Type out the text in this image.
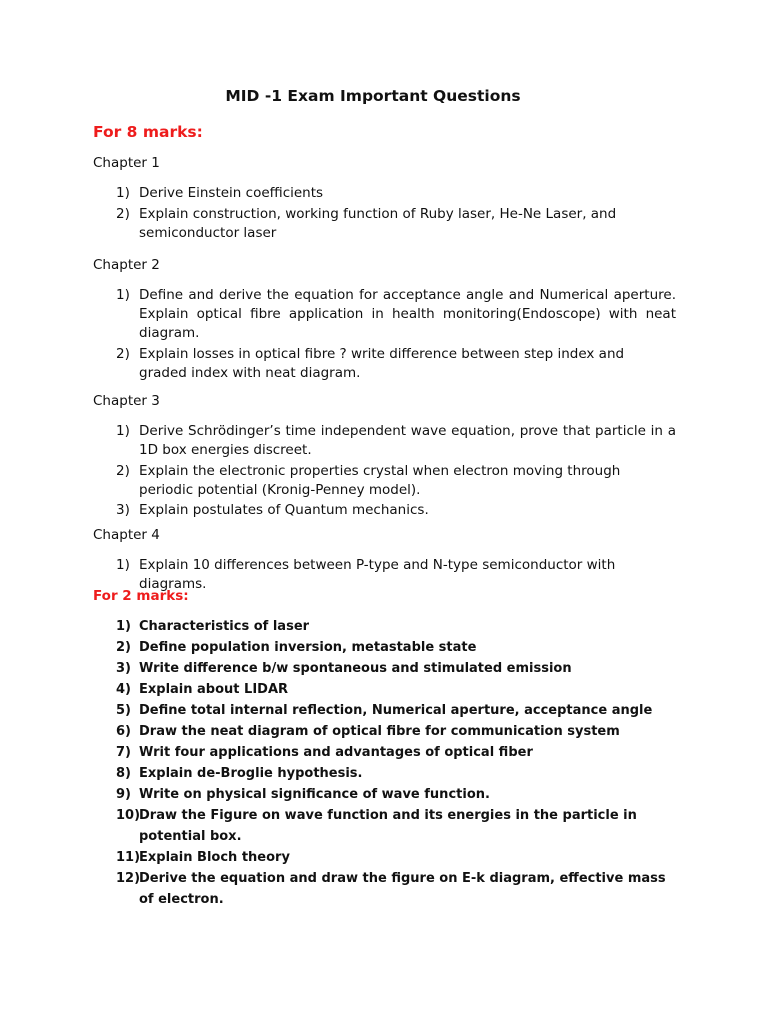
MID -1 Exam Important Questions
For 8 marks:
Chapter 1
1) Derive Einstein coefficients
2) Explain construction, working function of Ruby laser, He-Ne Laser, and semiconductor laser
Chapter 2
1) Define and derive the equation for acceptance angle and Numerical aperture. Explain optical fibre application in health monitoring(Endoscope) with neat diagram.
2) Explain losses in optical fibre ? write difference between step index and graded index with neat diagram.
Chapter 3
1) Derive Schrödinger’s time independent wave equation, prove that particle in a 1D box energies discreet.
2) Explain the electronic properties crystal when electron moving through periodic potential (Kronig-Penney model).
3) Explain postulates of Quantum mechanics.
Chapter 4
1) Explain 10 differences between P-type and N-type semiconductor with diagrams.
For 2 marks:
1) Characteristics of laser
2) Define population inversion, metastable state
3) Write difference b/w spontaneous and stimulated emission
4) Explain about LIDAR
5) Define total internal reflection, Numerical aperture, acceptance angle
6) Draw the neat diagram of optical fibre for communication system
7) Writ four applications and advantages of optical fiber
8) Explain de-Broglie hypothesis.
9) Write on physical significance of wave function.
10)
Draw the Figure on wave function and its energies in the particle in potential box.
11)
Explain Bloch theory
12)
Derive the equation and draw the figure on E-k diagram, effective mass of electron.
